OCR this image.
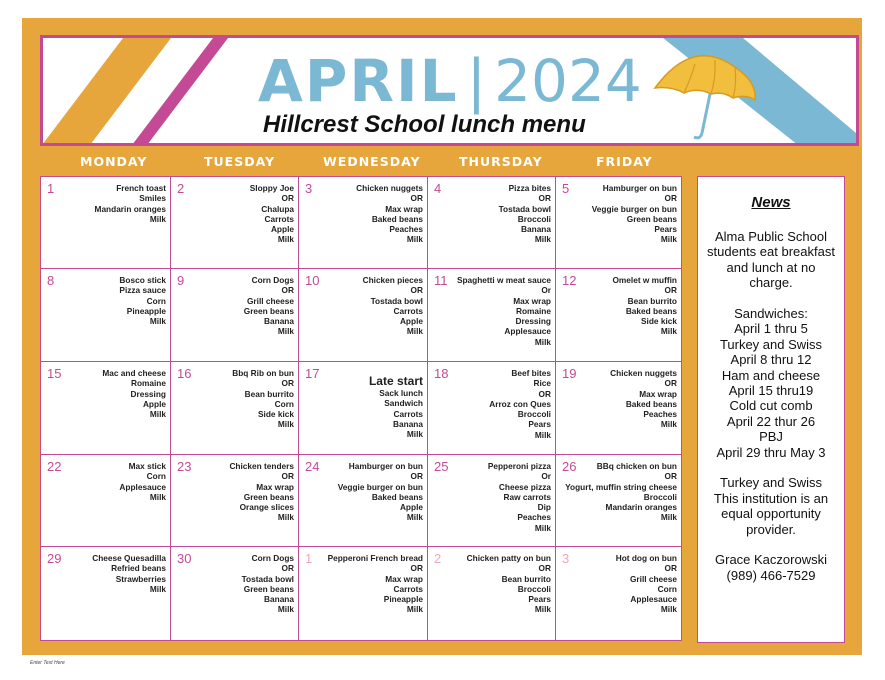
APRIL | 2024
Hillcrest School lunch menu
MONDAY	TUESDAY	WEDNESDAY	THURSDAY	FRIDAY
1	French toast
Smiles
Mandarin oranges
Milk
2	Sloppy Joe
OR
Chalupa
Carrots
Apple
Milk
3	Chicken nuggets
OR
Max wrap
Baked beans
Peaches
Milk
4	Pizza bites
OR
Tostada bowl
Broccoli
Banana
Milk
5	Hamburger on bun
OR
Veggie burger on bun
Green beans
Pears
Milk
8	Bosco stick
Pizza sauce
Corn
Pineapple
Milk
9	Corn Dogs
OR
Grill cheese
Green beans
Banana
Milk
10	Chicken pieces
OR
Tostada bowl
Carrots
Apple
Milk
11 Spaghetti w meat sauce
Or
Max wrap
Romaine
Dressing
Applesauce
Milk
12	Omelet w muffin
OR
Bean burrito
Baked beans
Side kick
Milk
15	Mac and cheese
Romaine
Dressing
Apple
Milk
16	Bbq Rib on bun
OR
Bean burrito
Corn
Side kick
Milk
17	Late start
Sack lunch
Sandwich
Carrots
Banana
Milk
18	Beef bites
Rice
OR
Arroz con Ques
Broccoli
Pears
Milk
19	Chicken nuggets
OR
Max wrap
Baked beans
Peaches
Milk
22	Max stick
Corn
Applesauce
Milk
23	Chicken tenders
OR
Max wrap
Green beans
Orange slices
Milk
24	Hamburger on bun
OR
Veggie burger on bun
Baked beans
Apple
Milk
25	Pepperoni pizza
Or
Cheese pizza
Raw carrots
Dip
Peaches
Milk
26	BBq chicken on bun
OR
Yogurt, muffin string cheese
Broccoli
Mandarin oranges
Milk
29	Cheese Quesadilla
Refried beans
Strawberries
Milk
30	Corn Dogs
OR
Tostada bowl
Green beans
Banana
Milk
1 Pepperoni French bread
OR
Max wrap
Carrots
Pineapple
Milk
2	Chicken patty on bun
OR
Bean burrito
Broccoli
Pears
Milk
3	Hot dog on bun
OR
Grill cheese
Corn
Applesauce
Milk
News
Alma Public School
students eat breakfast
and lunch at no
charge.
Sandwiches:
April 1 thru 5
Turkey and Swiss
April 8 thru 12
Ham and cheese
April 15 thru19
Cold cut comb
April 22 thur 26
PBJ
April 29 thru May 3
Turkey and Swiss
This institution is an
equal opportunity
provider.
Grace Kaczorowski
(989) 466-7529
Enter Text Here
